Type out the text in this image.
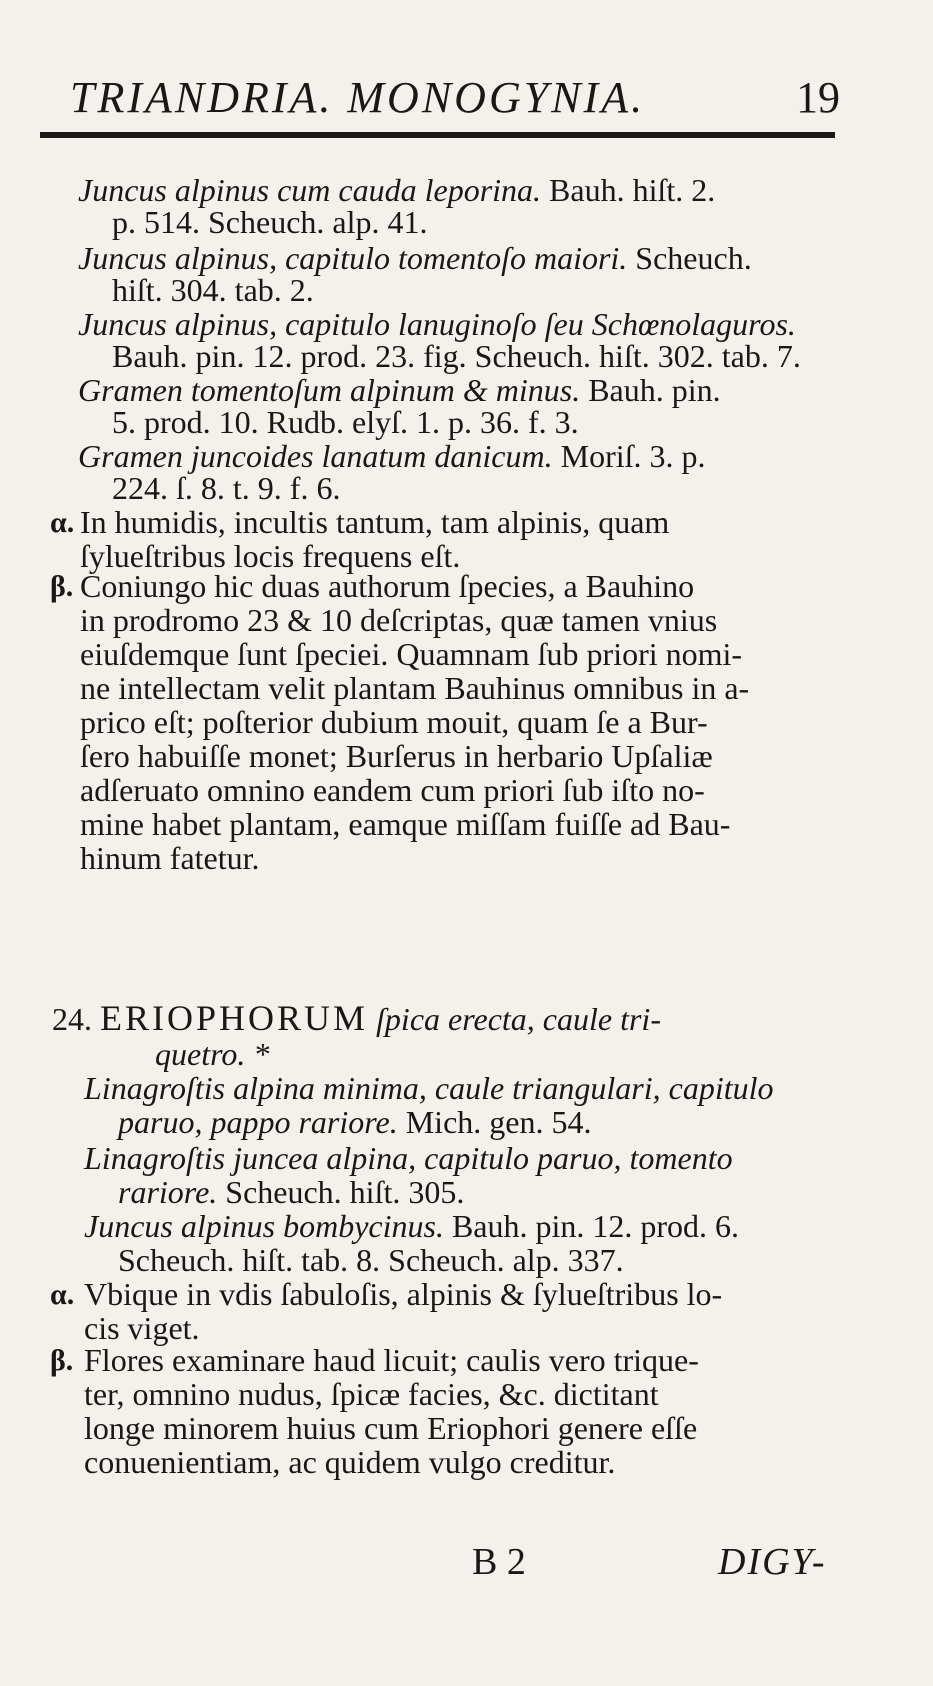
TRIANDRIA. MONOGYNIA.	19
Juncus alpinus cum cauda leporina. Bauh. hiſt. 2.
p. 514. Scheuch. alp. 41.
Juncus alpinus, capitulo tomentoſo maiori. Scheuch.
hiſt. 304. tab. 2.
Juncus alpinus, capitulo lanuginoſo ſeu Schœnolaguros.
Bauh. pin. 12. prod. 23. fig. Scheuch. hiſt. 302. tab. 7.
Gramen tomentoſum alpinum & minus. Bauh. pin.
5. prod. 10. Rudb. elyſ. 1. p. 36. f. 3.
Gramen juncoides lanatum danicum. Moriſ. 3. p.
224. ſ. 8. t. 9. f. 6.
α. In humidis, incultis tantum, tam alpinis, quam
ſylueſtribus locis frequens eſt.
β. Coniungo hic duas authorum ſpecies, a Bauhino
in prodromo 23 & 10 deſcriptas, quæ tamen vnius
eiuſdemque ſunt ſpeciei. Quamnam ſub priori nomi-
ne intellectam velit plantam Bauhinus omnibus in a-
prico eſt; poſterior dubium mouit, quam ſe a Bur-
ſero habuiſſe monet; Burſerus in herbario Upſaliæ
adſeruato omnino eandem cum priori ſub iſto no-
mine habet plantam, eamque miſſam fuiſſe ad Bau-
hinum fatetur.
24. ERIOPHORUM ſpica erecta, caule tri-
quetro. *
Linagroſtis alpina minima, caule triangulari, capitulo
paruo, pappo rariore. Mich. gen. 54.
Linagroſtis juncea alpina, capitulo paruo, tomento
rariore. Scheuch. hiſt. 305.
Juncus alpinus bombycinus. Bauh. pin. 12. prod. 6.
Scheuch. hiſt. tab. 8. Scheuch. alp. 337.
α. Vbique in vdis ſabuloſis, alpinis & ſylueſtribus lo-
cis viget.
β. Flores examinare haud licuit; caulis vero trique-
ter, omnino nudus, ſpicæ facies, &c. dictitant
longe minorem huius cum Eriophori genere eſſe
conuenientiam, ac quidem vulgo creditur.
B 2	DIGY-
